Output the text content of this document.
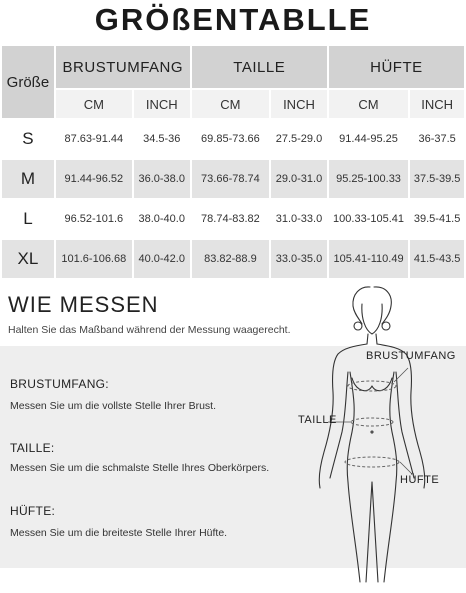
GRÖßENTABLLE
Größe	BRUSTUMFANG		TAILLE		HÜFTE	
	CM	INCH	CM	INCH	CM	INCH
S	87.63-91.44	34.5-36	69.85-73.66	27.5-29.0	91.44-95.25	36-37.5
M	91.44-96.52	36.0-38.0	73.66-78.74	29.0-31.0	95.25-100.33	37.5-39.5
L	96.52-101.6	38.0-40.0	78.74-83.82	31.0-33.0	100.33-105.41	39.5-41.5
XL	101.6-106.68	40.0-42.0	83.82-88.9	33.0-35.0	105.41-110.49	41.5-43.5
WIE MESSEN
Halten Sie das Maßband während der Messung waagerecht.
BRUSTUMFANG:
Messen Sie um die vollste Stelle Ihrer Brust.
TAILLE:
Messen Sie um die schmalste Stelle Ihres Oberkörpers.
HÜFTE:
Messen Sie um die breiteste Stelle Ihrer Hüfte.
BRUSTUMFANG
TAILLE
HÜFTE
